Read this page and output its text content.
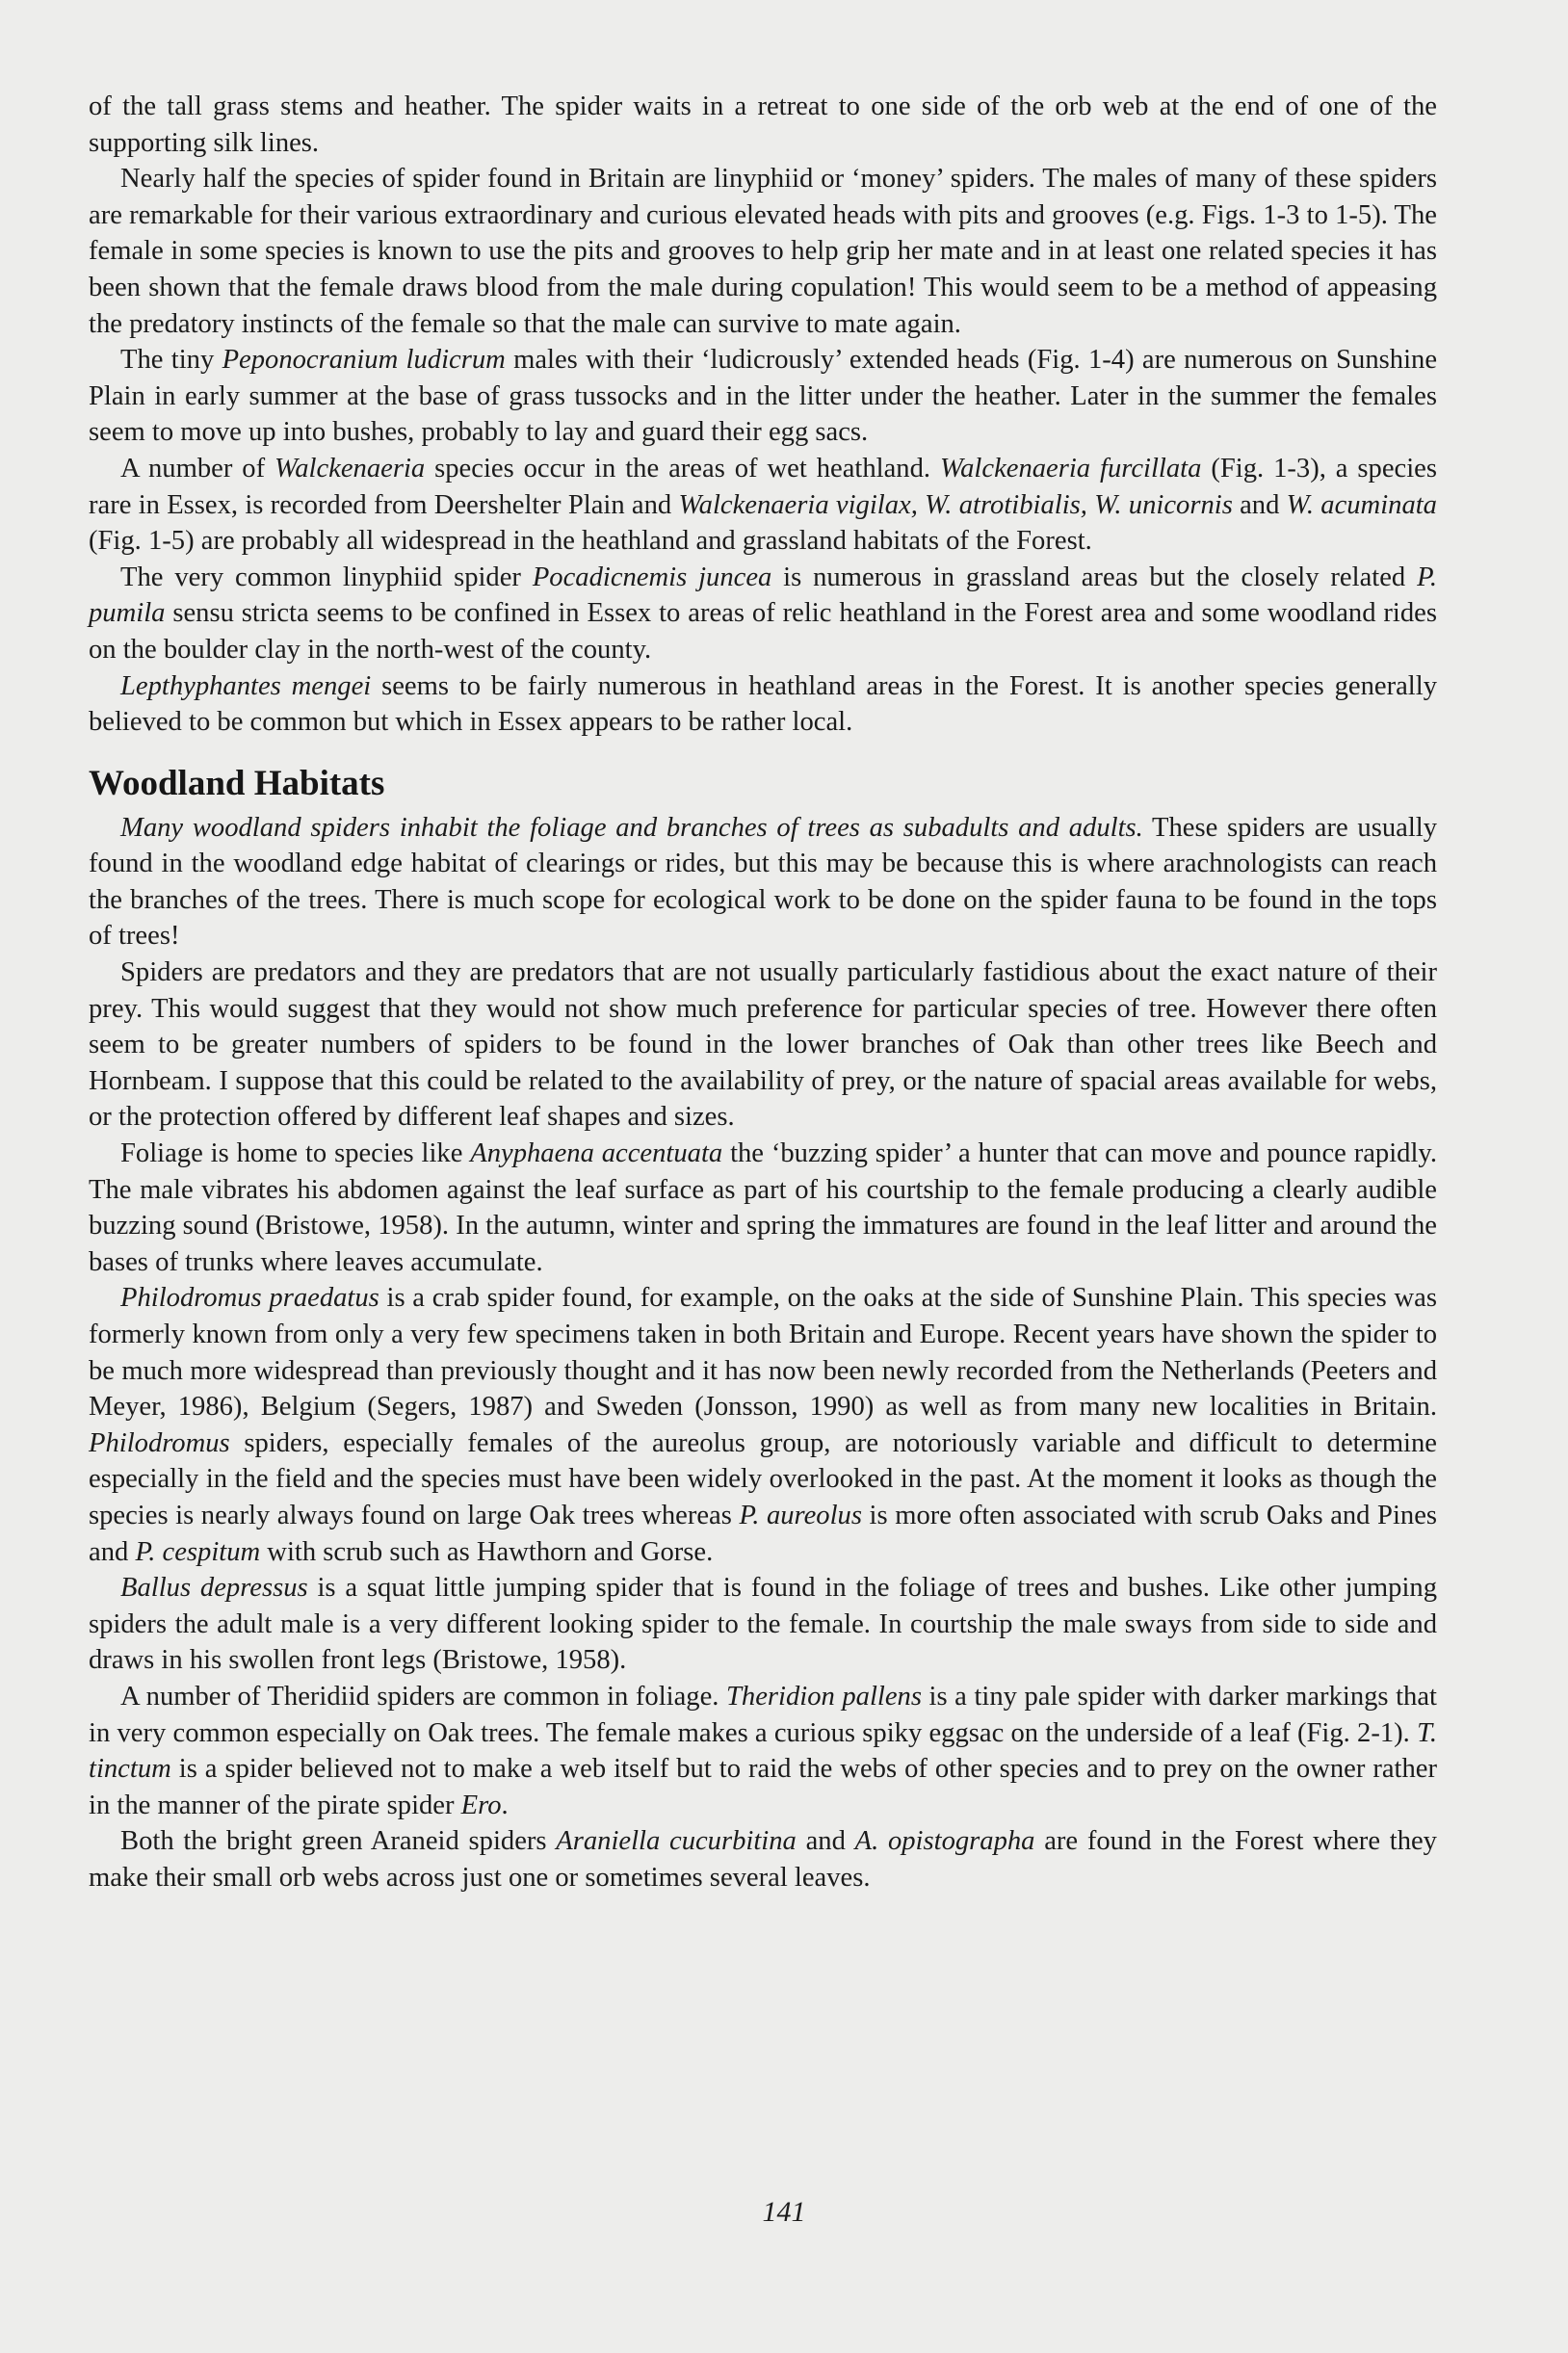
of the tall grass stems and heather. The spider waits in a retreat to one side of the orb web at the end of one of the supporting silk lines.

Nearly half the species of spider found in Britain are linyphiid or ‘money’ spiders. The males of many of these spiders are remarkable for their various extraordinary and curious elevated heads with pits and grooves (e.g. Figs. 1-3 to 1-5). The female in some species is known to use the pits and grooves to help grip her mate and in at least one related species it has been shown that the female draws blood from the male during copulation! This would seem to be a method of appeasing the predatory instincts of the female so that the male can survive to mate again.

The tiny Peponocranium ludicrum males with their ‘ludicrously’ extended heads (Fig. 1-4) are numerous on Sunshine Plain in early summer at the base of grass tussocks and in the litter under the heather. Later in the summer the females seem to move up into bushes, probably to lay and guard their egg sacs.

A number of Walckenaeria species occur in the areas of wet heathland. Walckenaeria furcillata (Fig. 1-3), a species rare in Essex, is recorded from Deershelter Plain and Walckenaeria vigilax, W. atrotibialis, W. unicornis and W. acuminata (Fig. 1-5) are probably all widespread in the heathland and grassland habitats of the Forest.

The very common linyphiid spider Pocadicnemis juncea is numerous in grassland areas but the closely related P. pumila sensu stricta seems to be confined in Essex to areas of relic heathland in the Forest area and some woodland rides on the boulder clay in the north-west of the county.

Lepthyphantes mengei seems to be fairly numerous in heathland areas in the Forest. It is another species generally believed to be common but which in Essex appears to be rather local.

Woodland Habitats

Many woodland spiders inhabit the foliage and branches of trees as subadults and adults. These spiders are usually found in the woodland edge habitat of clearings or rides, but this may be because this is where arachnologists can reach the branches of the trees. There is much scope for ecological work to be done on the spider fauna to be found in the tops of trees!

Spiders are predators and they are predators that are not usually particularly fastidious about the exact nature of their prey. This would suggest that they would not show much preference for particular species of tree. However there often seem to be greater numbers of spiders to be found in the lower branches of Oak than other trees like Beech and Hornbeam. I suppose that this could be related to the availability of prey, or the nature of spacial areas available for webs, or the protection offered by different leaf shapes and sizes.

Foliage is home to species like Anyphaena accentuata the ‘buzzing spider’ a hunter that can move and pounce rapidly. The male vibrates his abdomen against the leaf surface as part of his courtship to the female producing a clearly audible buzzing sound (Bristowe, 1958). In the autumn, winter and spring the immatures are found in the leaf litter and around the bases of trunks where leaves accumulate.

Philodromus praedatus is a crab spider found, for example, on the oaks at the side of Sunshine Plain. This species was formerly known from only a very few specimens taken in both Britain and Europe. Recent years have shown the spider to be much more widespread than previously thought and it has now been newly recorded from the Netherlands (Peeters and Meyer, 1986), Belgium (Segers, 1987) and Sweden (Jonsson, 1990) as well as from many new localities in Britain. Philodromus spiders, especially females of the aureolus group, are notoriously variable and difficult to determine especially in the field and the species must have been widely overlooked in the past. At the moment it looks as though the species is nearly always found on large Oak trees whereas P. aureolus is more often associated with scrub Oaks and Pines and P. cespitum with scrub such as Hawthorn and Gorse.

Ballus depressus is a squat little jumping spider that is found in the foliage of trees and bushes. Like other jumping spiders the adult male is a very different looking spider to the female. In courtship the male sways from side to side and draws in his swollen front legs (Bristowe, 1958).

A number of Theridiid spiders are common in foliage. Theridion pallens is a tiny pale spider with darker markings that in very common especially on Oak trees. The female makes a curious spiky eggsac on the underside of a leaf (Fig. 2-1). T. tinctum is a spider believed not to make a web itself but to raid the webs of other species and to prey on the owner rather in the manner of the pirate spider Ero.

Both the bright green Araneid spiders Araniella cucurbitina and A. opistographa are found in the Forest where they make their small orb webs across just one or sometimes several leaves.

141
